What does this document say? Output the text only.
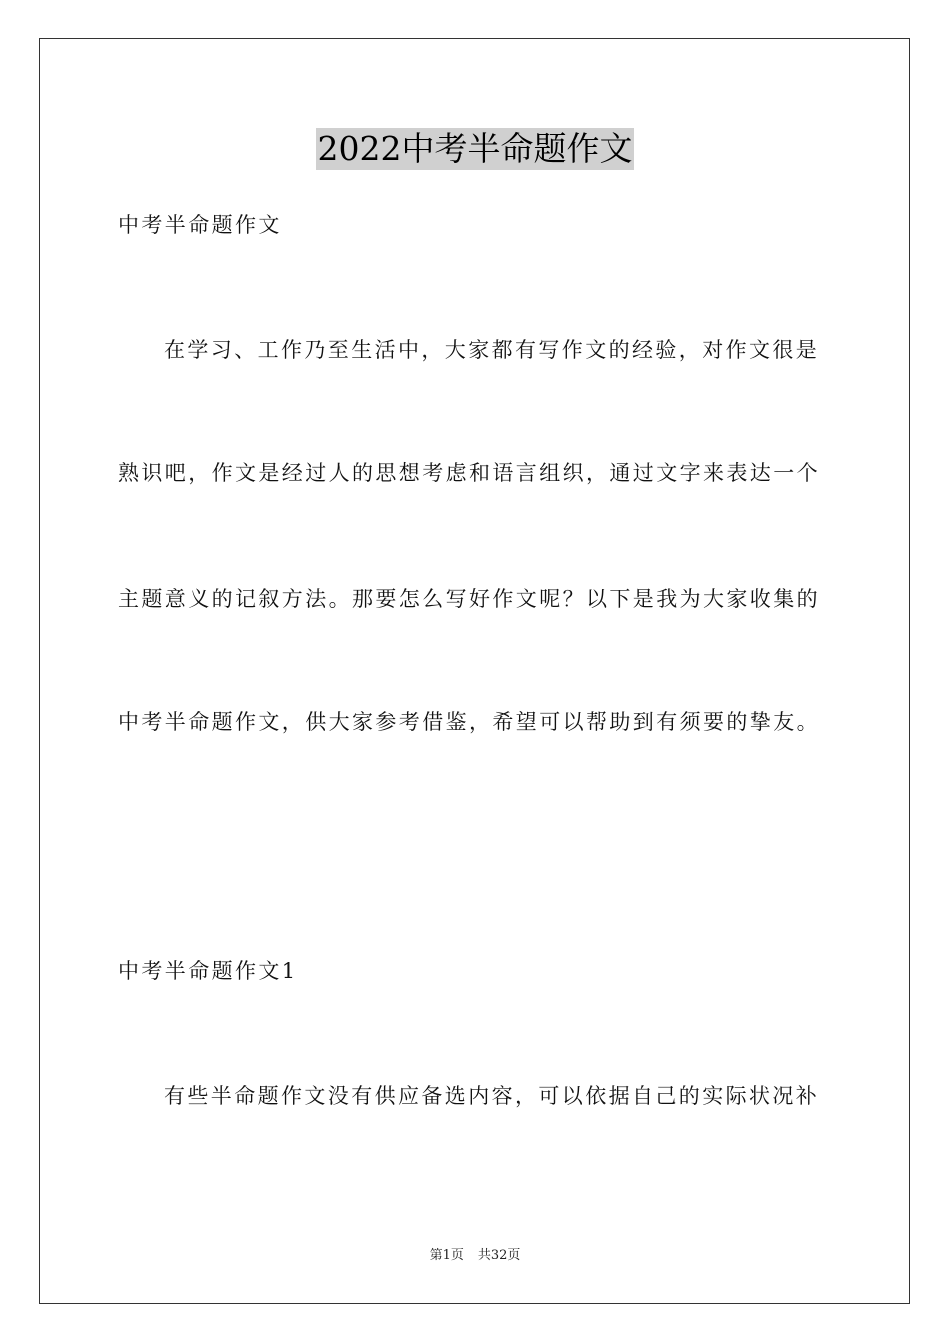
2022中考半命题作文
中考半命题作文
在学习、工作乃至生活中，大家都有写作文的经验，对作文很是
熟识吧，作文是经过人的思想考虑和语言组织，通过文字来表达一个
主题意义的记叙方法。那要怎么写好作文呢？以下是我为大家收集的
中考半命题作文，供大家参考借鉴，希望可以帮助到有须要的挚友。
中考半命题作文1
有些半命题作文没有供应备选内容，可以依据自己的实际状况补
第1页 共32页
